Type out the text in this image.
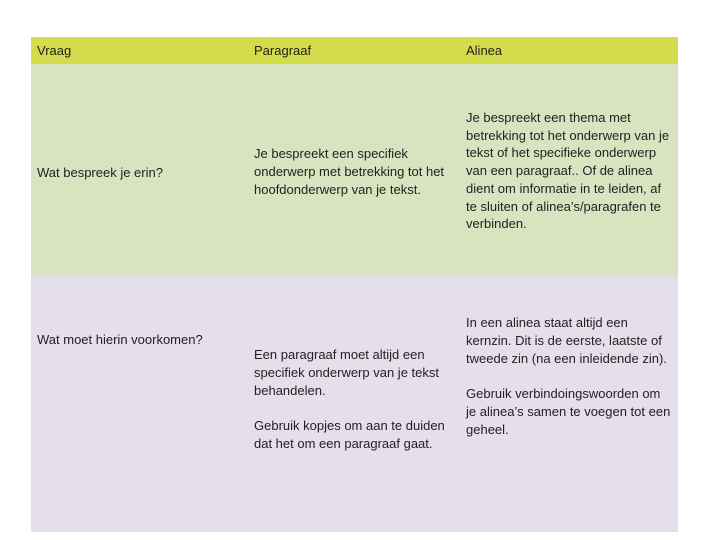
Vraag	Paragraaf	Alinea

Wat bespreek je erin?

Je bespreekt een specifiek onderwerp met betrekking tot het hoofdonderwerp van je tekst.

Je bespreekt een thema met betrekking tot het onderwerp van je tekst of het specifieke onderwerp van een paragraaf.. Of de alinea dient om informatie in te leiden, af te sluiten of alinea’s/paragrafen te verbinden.

Wat moet hierin voorkomen?

Een paragraaf moet altijd een specifiek onderwerp van je tekst behandelen.

Gebruik kopjes om aan te duiden dat het om een paragraaf gaat.

In een alinea staat altijd een kernzin. Dit is de eerste, laatste of tweede zin (na een inleidende zin).

Gebruik verbindoingswoorden om je alinea’s samen te voegen tot een geheel.
